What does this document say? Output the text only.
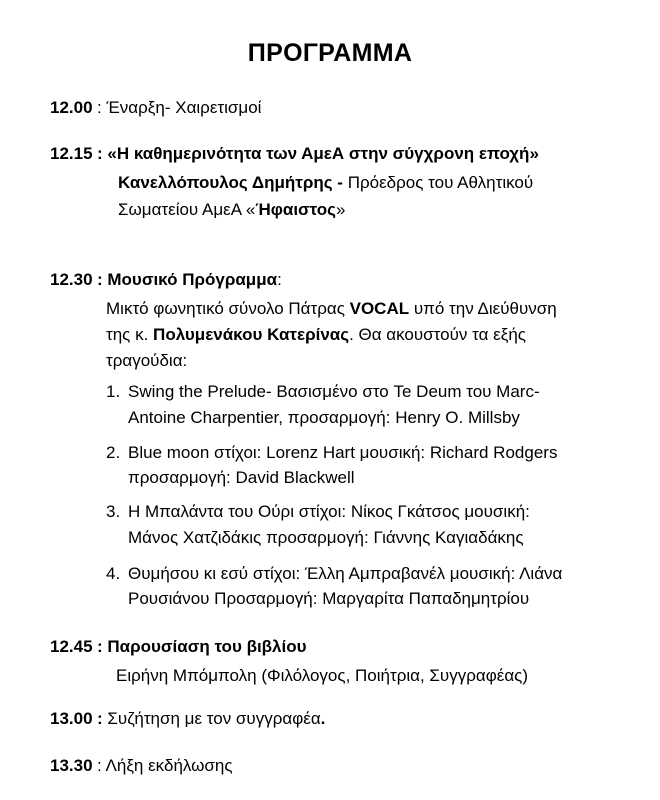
ΠΡΟΓΡΑΜΜΑ
12.00 : Έναρξη- Χαιρετισμοί
12.15 : «Η καθημερινότητα των ΑμεΑ στην σύγχρονη εποχή»
Κανελλόπουλος Δημήτρης - Πρόεδρος του Αθλητικού
Σωματείου ΑμεΑ «Ήφαιστος»
12.30 : Μουσικό Πρόγραμμα:
Μικτό φωνητικό σύνολο Πάτρας VOCAL υπό την Διεύθυνση
της κ. Πολυμενάκου Κατερίνας. Θα ακουστούν τα εξής
τραγούδια:
1. Swing the Prelude- Βασισμένο στο Te Deum του Marc-
Antoine Charpentier, προσαρμογή: Henry O. Millsby
2. Blue moon στίχοι: Lorenz Hart μουσική: Richard Rodgers
προσαρμογή: David Blackwell
3. Η Μπαλάντα του Ούρι στίχοι: Νίκος Γκάτσος μουσική:
Μάνος Χατζιδάκις προσαρμογή: Γιάννης Καγιαδάκης
4. Θυμήσου κι εσύ στίχοι: Έλλη Αμπραβανέλ μουσική: Λιάνα
Ρουσιάνου Προσαρμογή: Μαργαρίτα Παπαδημητρίου
12.45 : Παρουσίαση του βιβλίου
Ειρήνη Μπόμπολη (Φιλόλογος, Ποιήτρια, Συγγραφέας)
13.00 : Συζήτηση με τον συγγραφέα.
13.30 : Λήξη εκδήλωσης
